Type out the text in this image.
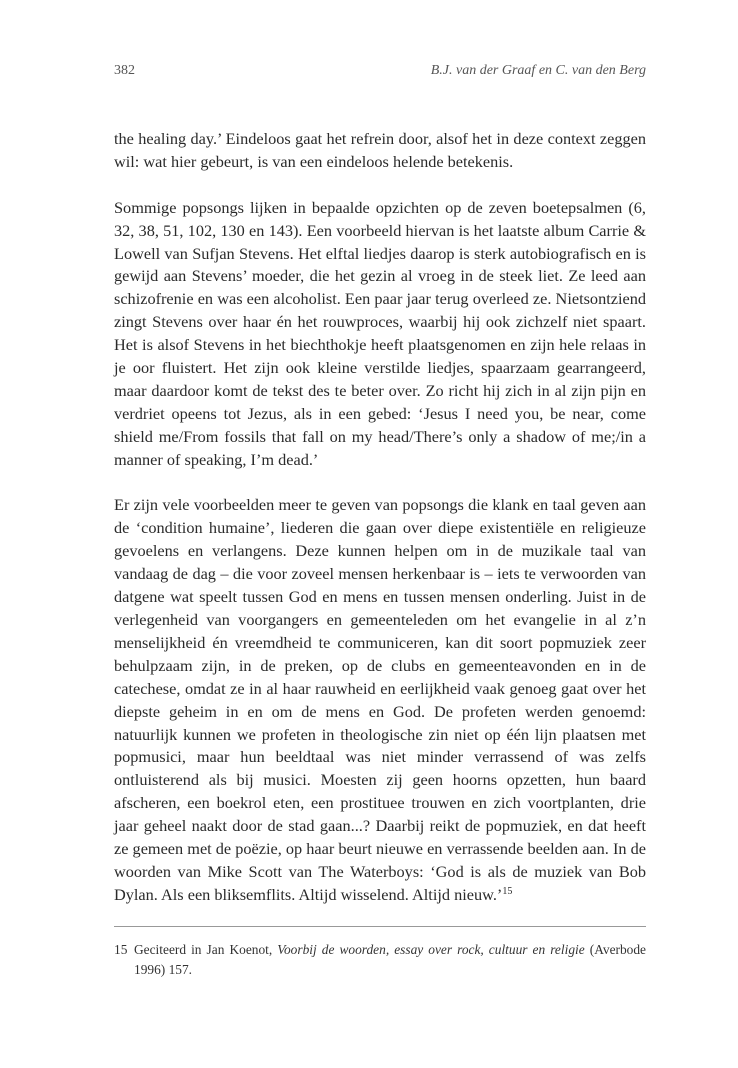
382	B.J. van der Graaf en C. van den Berg

the healing day.’ Eindeloos gaat het refrein door, alsof het in deze context zeggen wil: wat hier gebeurt, is van een eindeloos helende betekenis.

Sommige popsongs lijken in bepaalde opzichten op de zeven boetepsalmen (6, 32, 38, 51, 102, 130 en 143). Een voorbeeld hiervan is het laatste album Carrie & Lowell van Sufjan Stevens. Het elftal liedjes daarop is sterk autobiografisch en is gewijd aan Stevens’ moeder, die het gezin al vroeg in de steek liet. Ze leed aan schizofrenie en was een alcoholist. Een paar jaar terug overleed ze. Nietsontziend zingt Stevens over haar én het rouwproces, waarbij hij ook zichzelf niet spaart. Het is alsof Stevens in het biechthokje heeft plaatsgenomen en zijn hele relaas in je oor fluistert. Het zijn ook kleine verstilde liedjes, spaarzaam gearrangeerd, maar daardoor komt de tekst des te beter over. Zo richt hij zich in al zijn pijn en verdriet opeens tot Jezus, als in een gebed: ‘Jesus I need you, be near, come shield me/From fossils that fall on my head/There’s only a shadow of me;/in a manner of speaking, I’m dead.’

Er zijn vele voorbeelden meer te geven van popsongs die klank en taal geven aan de ‘condition humaine’, liederen die gaan over diepe existentiële en religieuze gevoelens en verlangens. Deze kunnen helpen om in de muzikale taal van vandaag de dag – die voor zoveel mensen herkenbaar is – iets te verwoorden van datgene wat speelt tussen God en mens en tussen mensen onderling. Juist in de verlegenheid van voorgangers en gemeenteleden om het evangelie in al z’n menselijkheid én vreemdheid te communiceren, kan dit soort popmuziek zeer behulpzaam zijn, in de preken, op de clubs en gemeenteavonden en in de catechese, omdat ze in al haar rauwheid en eerlijkheid vaak genoeg gaat over het diepste geheim in en om de mens en God. De profeten werden genoemd: natuurlijk kunnen we profeten in theologische zin niet op één lijn plaatsen met popmusici, maar hun beeldtaal was niet minder verrassend of was zelfs ontluisterend als bij musici. Moesten zij geen hoorns opzetten, hun baard afscheren, een boekrol eten, een prostituee trouwen en zich voortplanten, drie jaar geheel naakt door de stad gaan...? Daarbij reikt de popmuziek, en dat heeft ze gemeen met de poëzie, op haar beurt nieuwe en verrassende beelden aan. In de woorden van Mike Scott van The Waterboys: ‘God is als de muziek van Bob Dylan. Als een bliksemflits. Altijd wisselend. Altijd nieuw.’$^{15}$

15 Geciteerd in Jan Koenot, Voorbij de woorden, essay over rock, cultuur en religie (Averbode 1996) 157.
